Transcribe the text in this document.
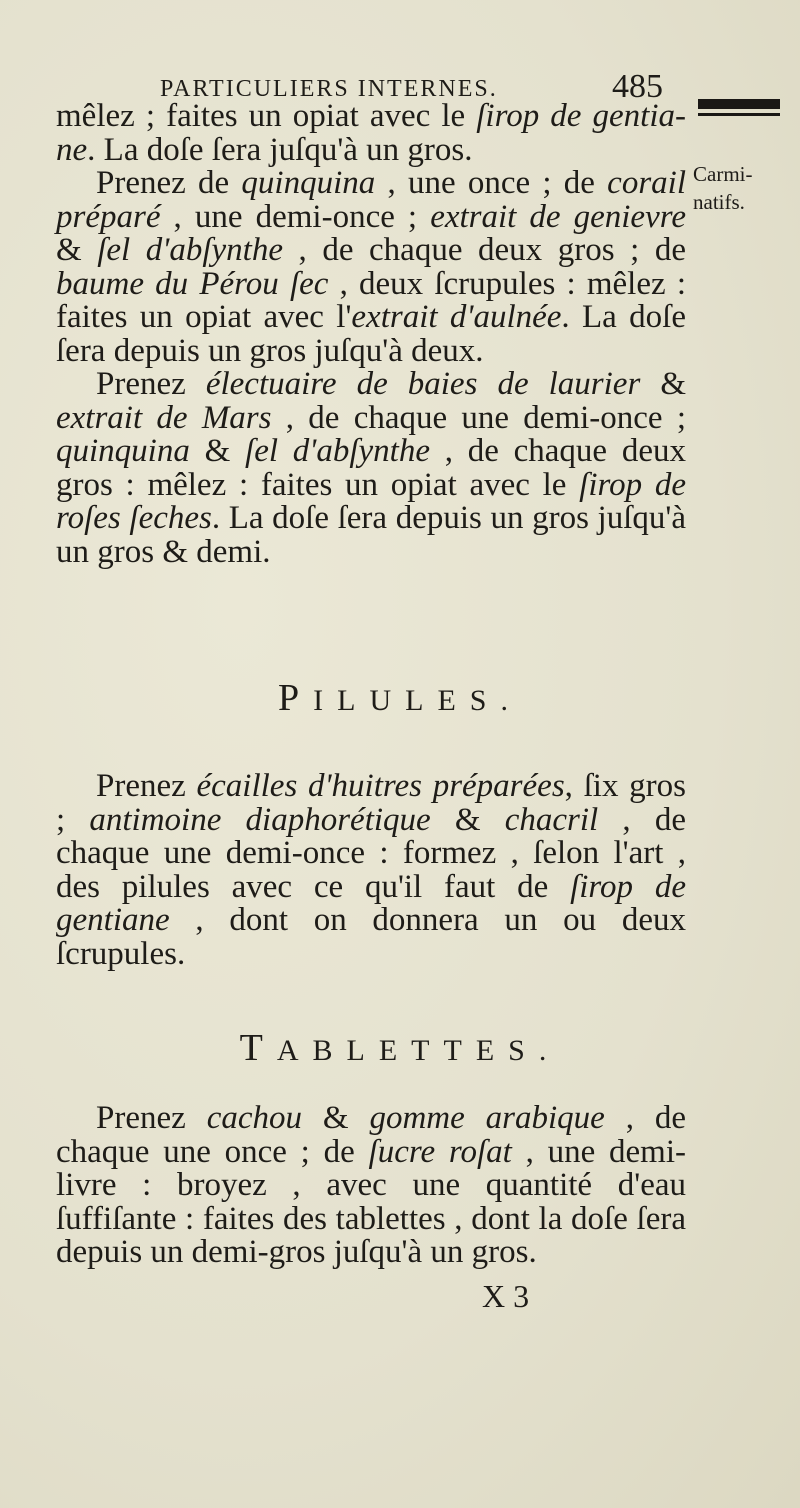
PARTICULIERS INTERNES.	485
Carmi-
natifs.

mêlez ; faites un opiat avec le ſirop de gentia-ne. La doſe ſera juſqu'à un gros.

Prenez de quinquina , une once ; de corail préparé , une demi-once ; extrait de genievre & ſel d'abſynthe , de chaque deux gros ; de baume du Pérou ſec , deux ſcrupules : mêlez : faites un opiat avec l'extrait d'aulnée. La doſe ſera depuis un gros juſqu'à deux.

Prenez électuaire de baies de laurier & extrait de Mars , de chaque une demi-once ; quinquina & ſel d'abſynthe , de chaque deux gros : mêlez : faites un opiat avec le ſirop de roſes ſeches. La doſe ſera depuis un gros juſqu'à un gros & demi.

PILULES.

Prenez écailles d'huitres préparées, ſix gros ; antimoine diaphorétique & chacril , de chaque une demi-once : formez , ſelon l'art , des pilules avec ce qu'il faut de ſirop de gentiane , dont on donnera un ou deux ſcrupules.

TABLETTES.

Prenez cachou & gomme arabique , de chaque une once ; de ſucre roſat , une demi-livre : broyez , avec une quantité d'eau ſuffiſante : faites des tablettes , dont la doſe ſera depuis un demi-gros juſqu'à un gros.

X 3
